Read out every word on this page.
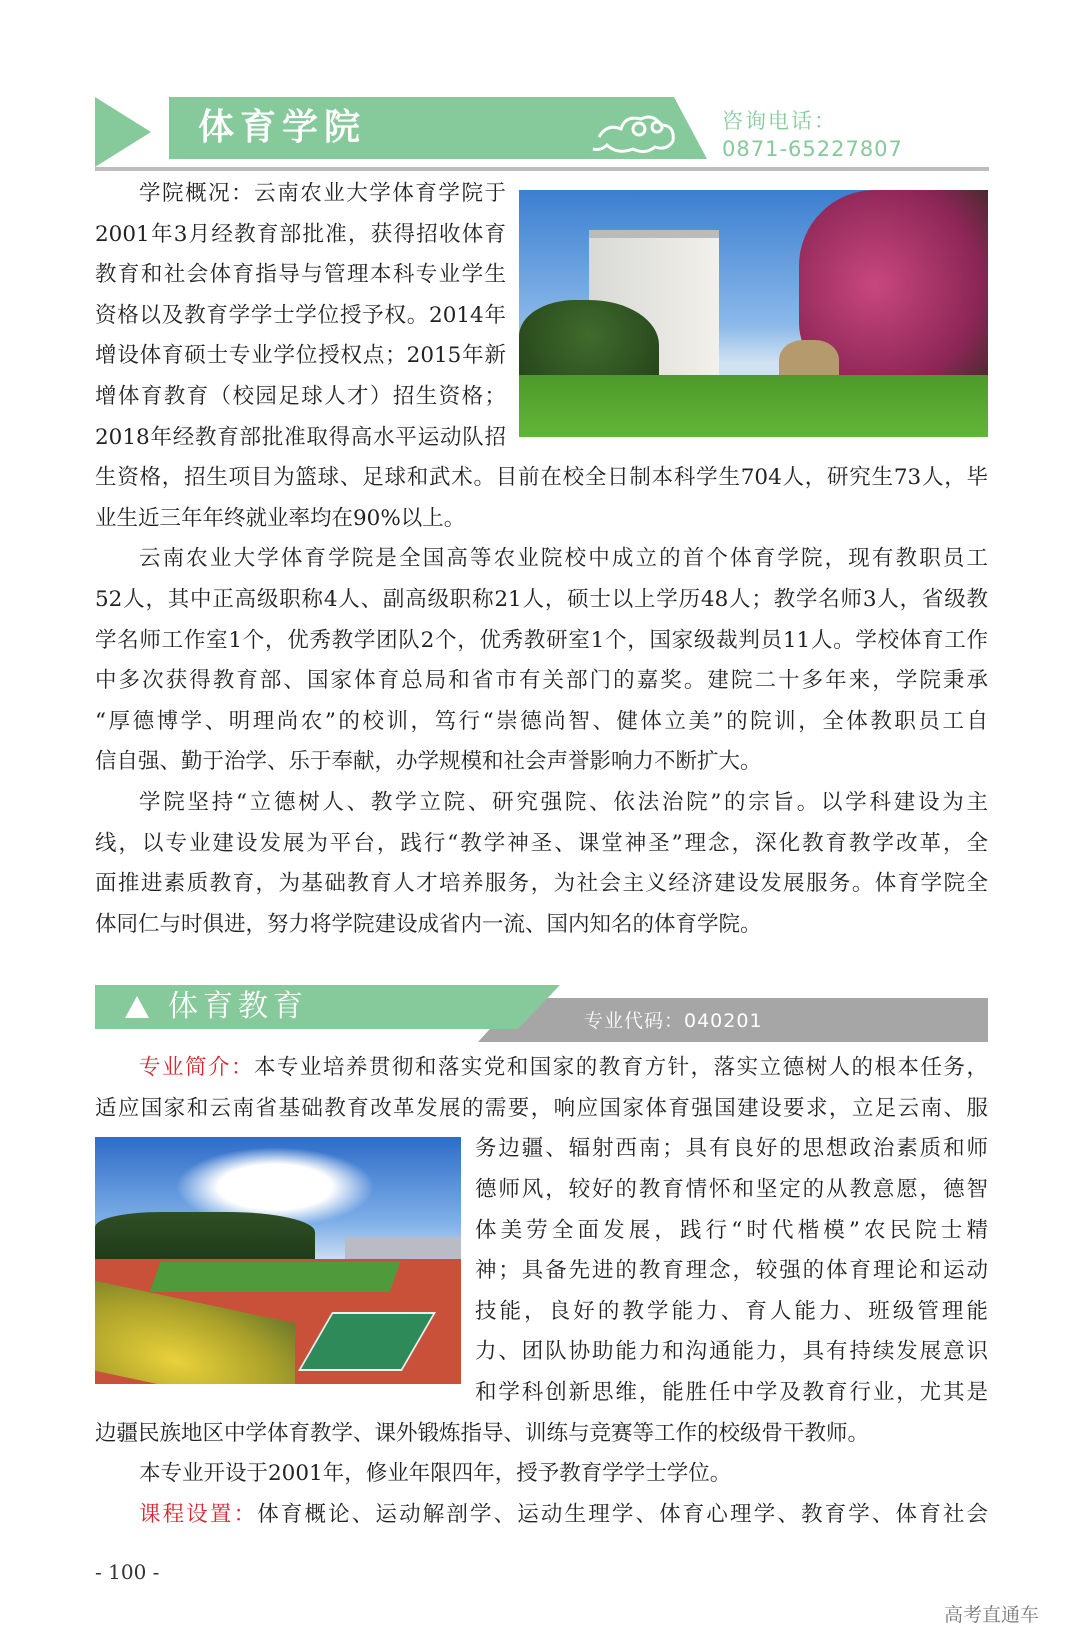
体育学院	咨询电话：
0871-65227807
学院概况：云南农业大学体育学院于
2001年3月经教育部批准，获得招收体育
教育和社会体育指导与管理本科专业学生
资格以及教育学学士学位授予权。2014年
增设体育硕士专业学位授权点；2015年新
增体育教育（校园足球人才）招生资格；
2018年经教育部批准取得高水平运动队招
生资格，招生项目为篮球、足球和武术。目前在校全日制本科学生704人，研究生73人，毕
业生近三年年终就业率均在90%以上。
云南农业大学体育学院是全国高等农业院校中成立的首个体育学院，现有教职员工
52人，其中正高级职称4人、副高级职称21人，硕士以上学历48人；教学名师3人，省级教
学名师工作室1个，优秀教学团队2个，优秀教研室1个，国家级裁判员11人。学校体育工作
中多次获得教育部、国家体育总局和省市有关部门的嘉奖。建院二十多年来，学院秉承
“厚德博学、明理尚农”的校训，笃行“崇德尚智、健体立美”的院训，全体教职员工自
信自强、勤于治学、乐于奉献，办学规模和社会声誉影响力不断扩大。
学院坚持“立德树人、教学立院、研究强院、依法治院”的宗旨。以学科建设为主
线，以专业建设发展为平台，践行“教学神圣、课堂神圣”理念，深化教育教学改革，全
面推进素质教育，为基础教育人才培养服务，为社会主义经济建设发展服务。体育学院全
体同仁与时俱进，努力将学院建设成省内一流、国内知名的体育学院。
体育教育	专业代码：040201
专业简介：本专业培养贯彻和落实党和国家的教育方针，落实立德树人的根本任务，
适应国家和云南省基础教育改革发展的需要，响应国家体育强国建设要求，立足云南、服
务边疆、辐射西南；具有良好的思想政治素质和师
德师风，较好的教育情怀和坚定的从教意愿，德智
体美劳全面发展，践行“时代楷模”农民院士精
神；具备先进的教育理念，较强的体育理论和运动
技能，良好的教学能力、育人能力、班级管理能
力、团队协助能力和沟通能力，具有持续发展意识
和学科创新思维，能胜任中学及教育行业，尤其是
边疆民族地区中学体育教学、课外锻炼指导、训练与竞赛等工作的校级骨干教师。
本专业开设于2001年，修业年限四年，授予教育学学士学位。
课程设置：体育概论、运动解剖学、运动生理学、体育心理学、教育学、体育社会
- 100 -
高考直通车
